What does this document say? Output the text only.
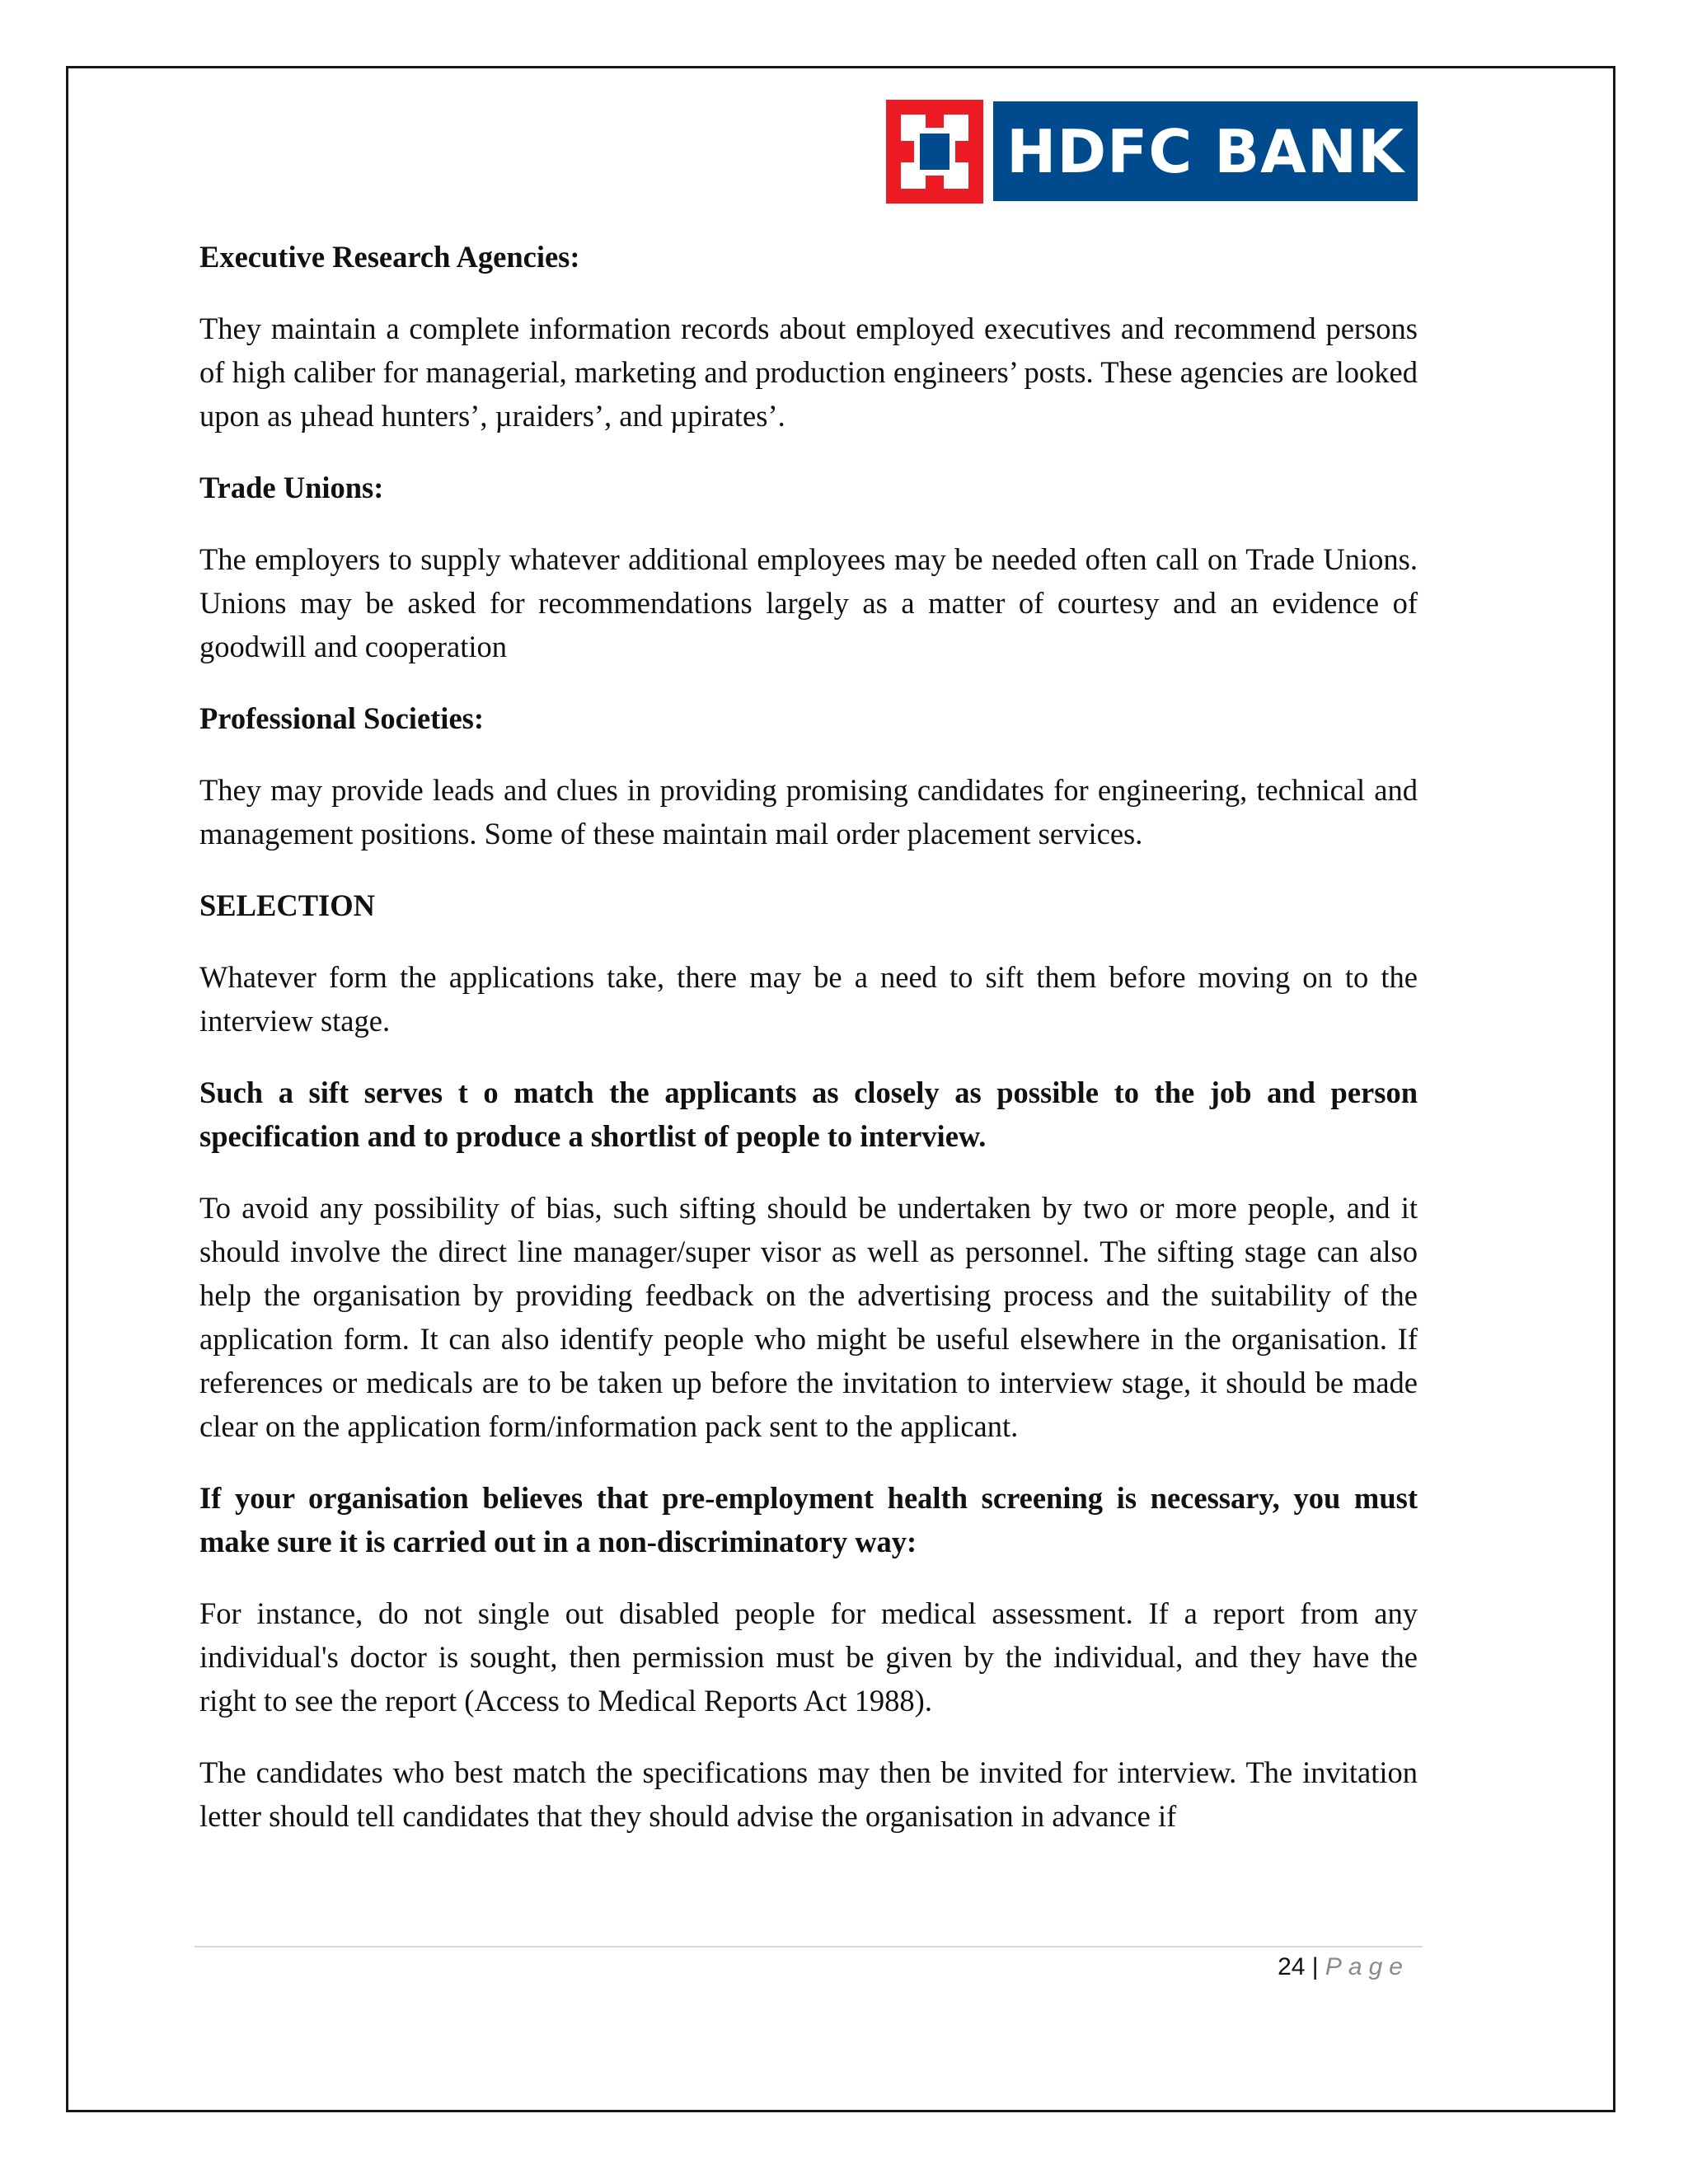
HDFC BANK

Executive Research Agencies:

They maintain a complete information records about employed executives and recommend persons of high caliber for managerial, marketing and production engineers’ posts. These agencies are looked upon as µhead hunters’, µraiders’, and µpirates’.

Trade Unions:

The employers to supply whatever additional employees may be needed often call on Trade Unions. Unions may be asked for recommendations largely as a matter of courtesy and an evidence of goodwill and cooperation

Professional Societies:

They may provide leads and clues in providing promising candidates for engineering, technical and management positions. Some of these maintain mail order placement services.

SELECTION

Whatever form the applications take, there may be a need to sift them before moving on to the interview stage.

Such a sift serves t o match the applicants as closely as possible to the job and person specification and to produce a shortlist of people to interview.

To avoid any possibility of bias, such sifting should be undertaken by two or more people, and it should involve the direct line manager/super visor as well as personnel. The sifting stage can also help the organisation by providing feedback on the advertising process and the suitability of the application form. It can also identify people who might be useful elsewhere in the organisation. If references or medicals are to be taken up before the invitation to interview stage, it should be made clear on the application form/information pack sent to the applicant.

If your organisation believes that pre-employment health screening is necessary, you must make sure it is carried out in a non-discriminatory way:

For instance, do not single out disabled people for medical assessment. If a report from any individual's doctor is sought, then permission must be given by the individual, and they have the right to see the report (Access to Medical Reports Act 1988).

The candidates who best match the specifications may then be invited for interview. The invitation letter should tell candidates that they should advise the organisation in advance if

24 | Page
